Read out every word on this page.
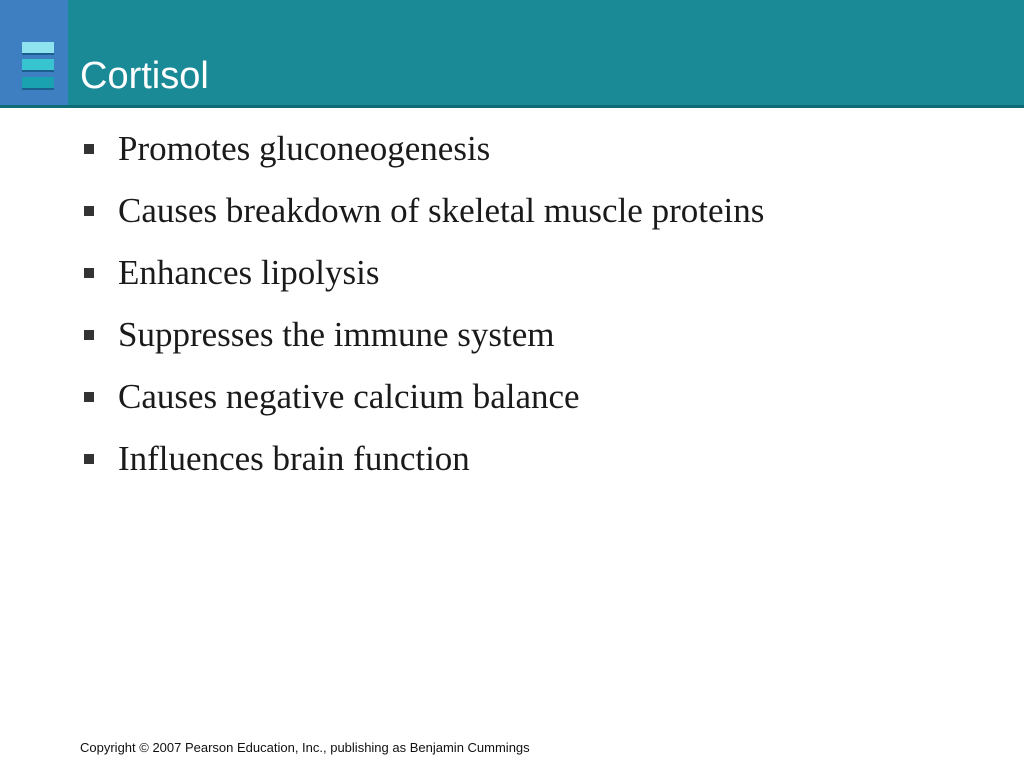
Cortisol
Promotes gluconeogenesis
Causes breakdown of skeletal muscle proteins
Enhances lipolysis
Suppresses the immune system
Causes negative calcium balance
Influences brain function
Copyright © 2007 Pearson Education, Inc., publishing as Benjamin Cummings
